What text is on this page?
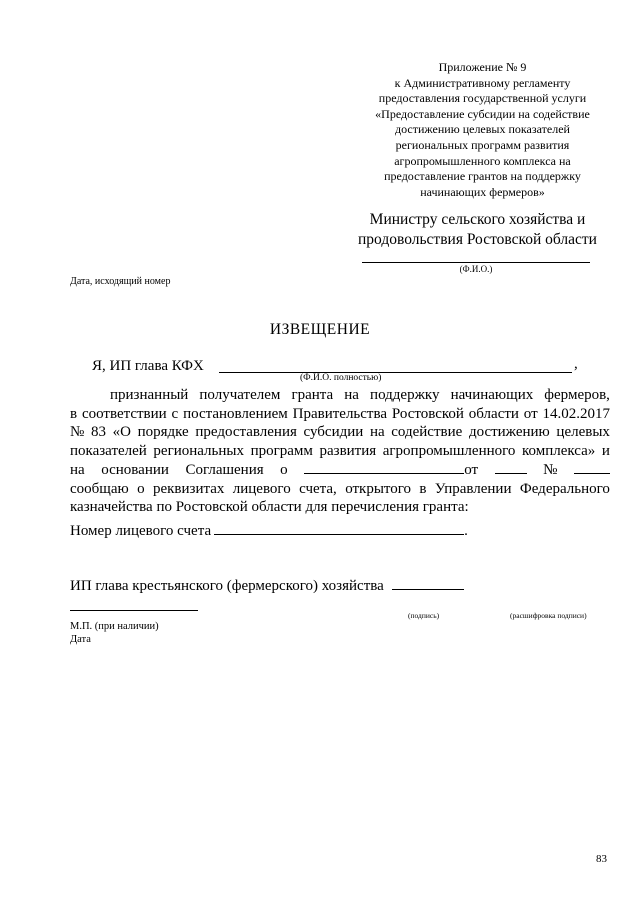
Приложение № 9
к Административному регламенту
предоставления государственной услуги
«Предоставление субсидии на содействие
достижению целевых показателей
региональных программ развития
агропромышленного комплекса на
предоставление грантов на поддержку
начинающих фермеров»
Министру сельского хозяйства и
продовольствия Ростовской области
(Ф.И.О.)
Дата, исходящий номер
ИЗВЕЩЕНИЕ
Я, ИП глава КФХ	,
(Ф.И.О. полностью)
признанный получателем гранта на поддержку начинающих фермеров,
в соответствии с постановлением Правительства Ростовской области от 14.02.2017
№ 83 «О порядке предоставления субсидии на содействие достижению целевых
показателей региональных программ развития агропромышленного комплекса» и
на основании Соглашения о	от	№
сообщаю о реквизитах лицевого счета, открытого в Управлении Федерального
казначейства по Ростовской области для перечисления гранта:
Номер лицевого счета	.
ИП глава крестьянского (фермерского) хозяйства
(подпись)	(расшифровка подписи)
М.П. (при наличии)
Дата
83
